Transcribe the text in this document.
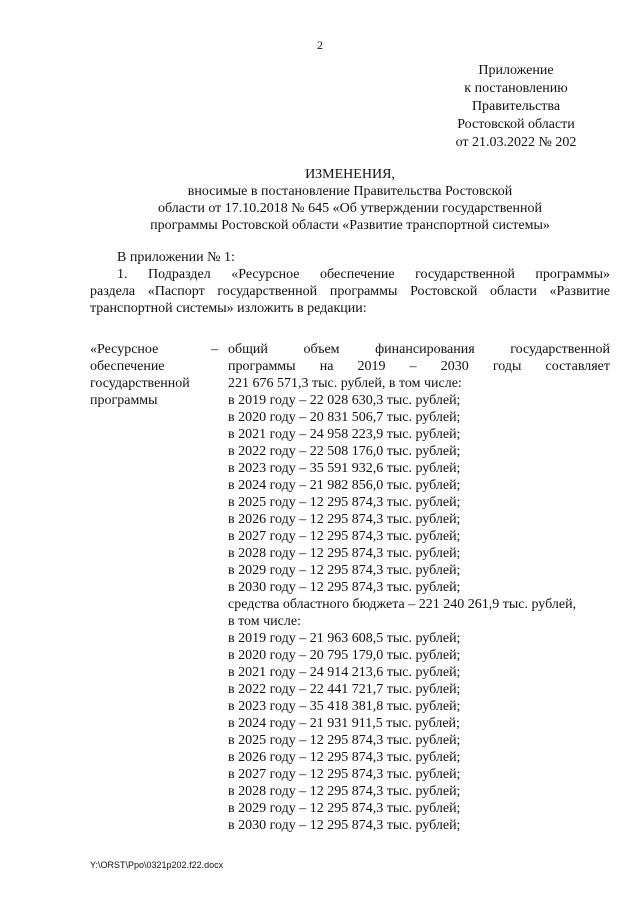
2
Приложение
к постановлению
Правительства
Ростовской области
от 21.03.2022 № 202
ИЗМЕНЕНИЯ,
вносимые в постановление Правительства Ростовской
области от 17.10.2018 № 645 «Об утверждении государственной
программы Ростовской области «Развитие транспортной системы»
В приложении № 1:
1. Подраздел «Ресурсное обеспечение государственной программы»
раздела «Паспорт государственной программы Ростовской области «Развитие
транспортной системы» изложить в редакции:
«Ресурсное
обеспечение
государственной
программы
– общий объем финансирования государственной
программы на 2019 – 2030 годы составляет
221 676 571,3 тыс. рублей, в том числе:
в 2019 году – 22 028 630,3 тыс. рублей;
в 2020 году – 20 831 506,7 тыс. рублей;
в 2021 году – 24 958 223,9 тыс. рублей;
в 2022 году – 22 508 176,0 тыс. рублей;
в 2023 году – 35 591 932,6 тыс. рублей;
в 2024 году – 21 982 856,0 тыс. рублей;
в 2025 году – 12 295 874,3 тыс. рублей;
в 2026 году – 12 295 874,3 тыс. рублей;
в 2027 году – 12 295 874,3 тыс. рублей;
в 2028 году – 12 295 874,3 тыс. рублей;
в 2029 году – 12 295 874,3 тыс. рублей;
в 2030 году – 12 295 874,3 тыс. рублей;
средства областного бюджета – 221 240 261,9 тыс. рублей,
в том числе:
в 2019 году – 21 963 608,5 тыс. рублей;
в 2020 году – 20 795 179,0 тыс. рублей;
в 2021 году – 24 914 213,6 тыс. рублей;
в 2022 году – 22 441 721,7 тыс. рублей;
в 2023 году – 35 418 381,8 тыс. рублей;
в 2024 году – 21 931 911,5 тыс. рублей;
в 2025 году – 12 295 874,3 тыс. рублей;
в 2026 году – 12 295 874,3 тыс. рублей;
в 2027 году – 12 295 874,3 тыс. рублей;
в 2028 году – 12 295 874,3 тыс. рублей;
в 2029 году – 12 295 874,3 тыс. рублей;
в 2030 году – 12 295 874,3 тыс. рублей;
Y:\ORST\Ppo\0321p202.f22.docx
